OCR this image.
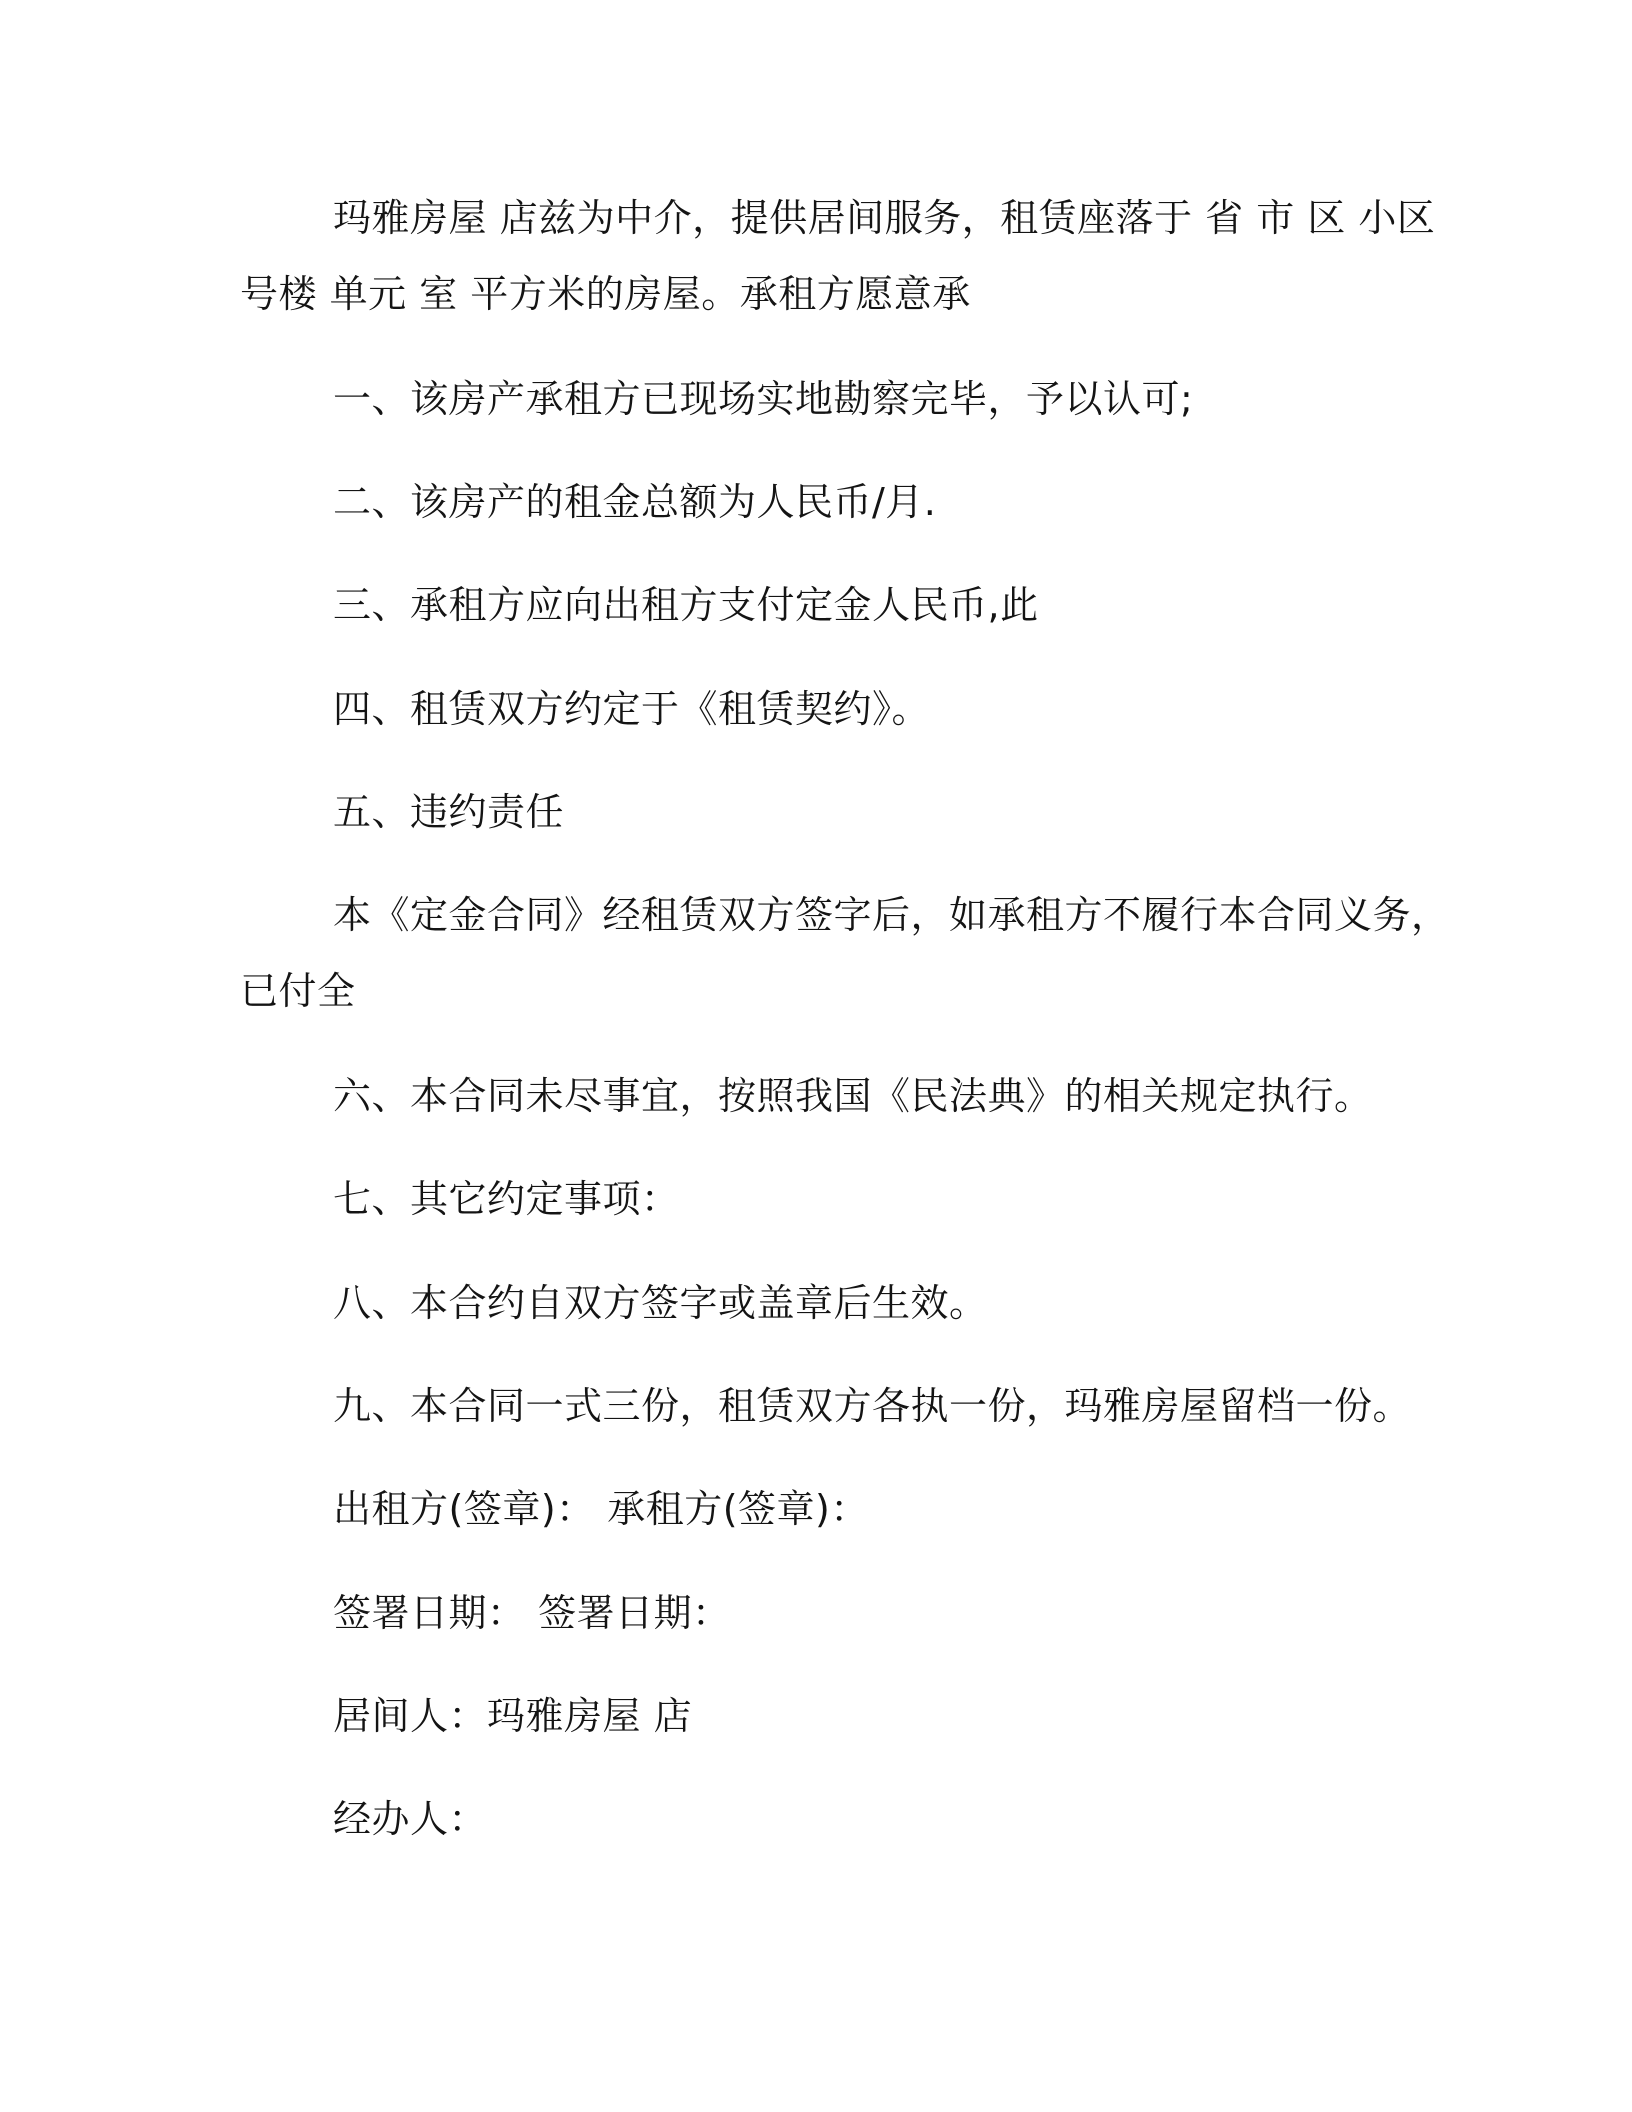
玛雅房屋 店兹为中介，提供居间服务，租赁座落于 省 市 区 小区
号楼 单元 室 平方米的房屋。承租方愿意承
一、该房产承租方已现场实地勘察完毕，予以认可;
二、该房产的租金总额为人民币/月.
三、承租方应向出租方支付定金人民币,此
四、租赁双方约定于《租赁契约》。
五、违约责任
本《定金合同》经租赁双方签字后，如承租方不履行本合同义务，
已付全
六、本合同未尽事宜，按照我国《民法典》的相关规定执行。
七、其它约定事项：
八、本合约自双方签字或盖章后生效。
九、本合同一式三份，租赁双方各执一份，玛雅房屋留档一份。
出租方(签章)： 承租方(签章)：
签署日期： 签署日期：
居间人：玛雅房屋 店
经办人：
